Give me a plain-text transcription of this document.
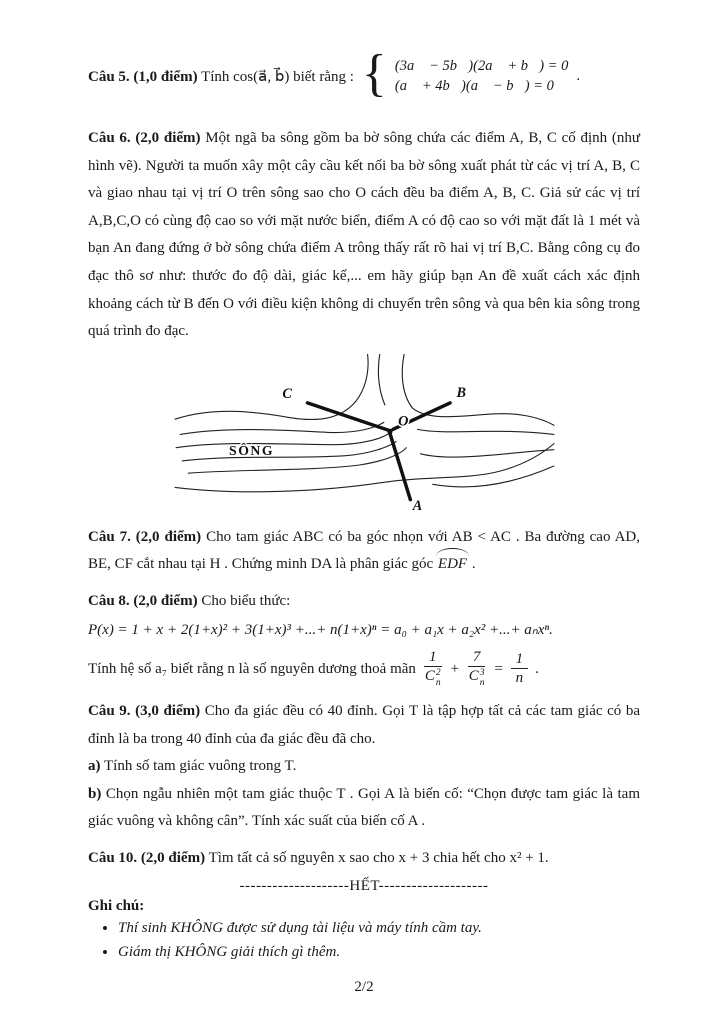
Câu 5. (1,0 điểm) Tính cos(a⃗, b⃗) biết rằng : { (3a⃗ − 5b⃗)(2a⃗ + b⃗) = 0
(a⃗ + 4b⃗)(a⃗ − b⃗) = 0
.

Câu 6. (2,0 điểm) Một ngã ba sông gồm ba bờ sông chứa các điểm A, B, C cố định (như hình vẽ). Người ta muốn xây một cây cầu kết nối ba bờ sông xuất phát từ các vị trí A, B, C và giao nhau tại vị trí O trên sông sao cho O cách đều ba điểm A, B, C. Giả sử các vị trí A,B,C,O có cùng độ cao so với mặt nước biển, điểm A có độ cao so với mặt đất là 1 mét và bạn An đang đứng ở bờ sông chứa điểm A trông thấy rất rõ hai vị trí B,C. Bằng công cụ đo đạc thô sơ như: thước đo độ dài, giác kế,... em hãy giúp bạn An đề xuất cách xác định khoảng cách từ B đến O với điều kiện không di chuyển trên sông và qua bên kia sông trong quá trình đo đạc.

C	B
O
A
SÔNG

Câu 7. (2,0 điểm) Cho tam giác ABC có ba góc nhọn với AB < AC . Ba đường cao AD, BE, CF cắt nhau tại H . Chứng minh DA là phân giác góc EDF .

Câu 8. (2,0 điểm) Cho biểu thức:

P(x) = 1 + x + 2(1+x)² + 3(1+x)³ +...+ n(1+x)ⁿ = a₀ + a₁x + a₂x² +...+ aₙxⁿ.

Tính hệ số a₇ biết rằng n là số nguyên dương thoả mãn 1
C 2
n + 7
C 3
$n = \frac{1}{n}$ .

Câu 9. (3,0 điểm) Cho đa giác đều có 40 đỉnh. Gọi T là tập hợp tất cả các tam giác có ba đỉnh là ba trong 40 đỉnh của đa giác đều đã cho.

a) Tính số tam giác vuông trong T.

b) Chọn ngẫu nhiên một tam giác thuộc T . Gọi A là biến cố: “Chọn được tam giác là tam giác vuông và không cân”. Tính xác suất của biến cố A .

Câu 10. (2,0 điểm) Tìm tất cả số nguyên x sao cho x + 3 chia hết cho x² + 1.

--------------------HẾT--------------------

Ghi chú:

• Thí sinh KHÔNG được sử dụng tài liệu và máy tính cầm tay.
• Giám thị KHÔNG giải thích gì thêm.

2/2
